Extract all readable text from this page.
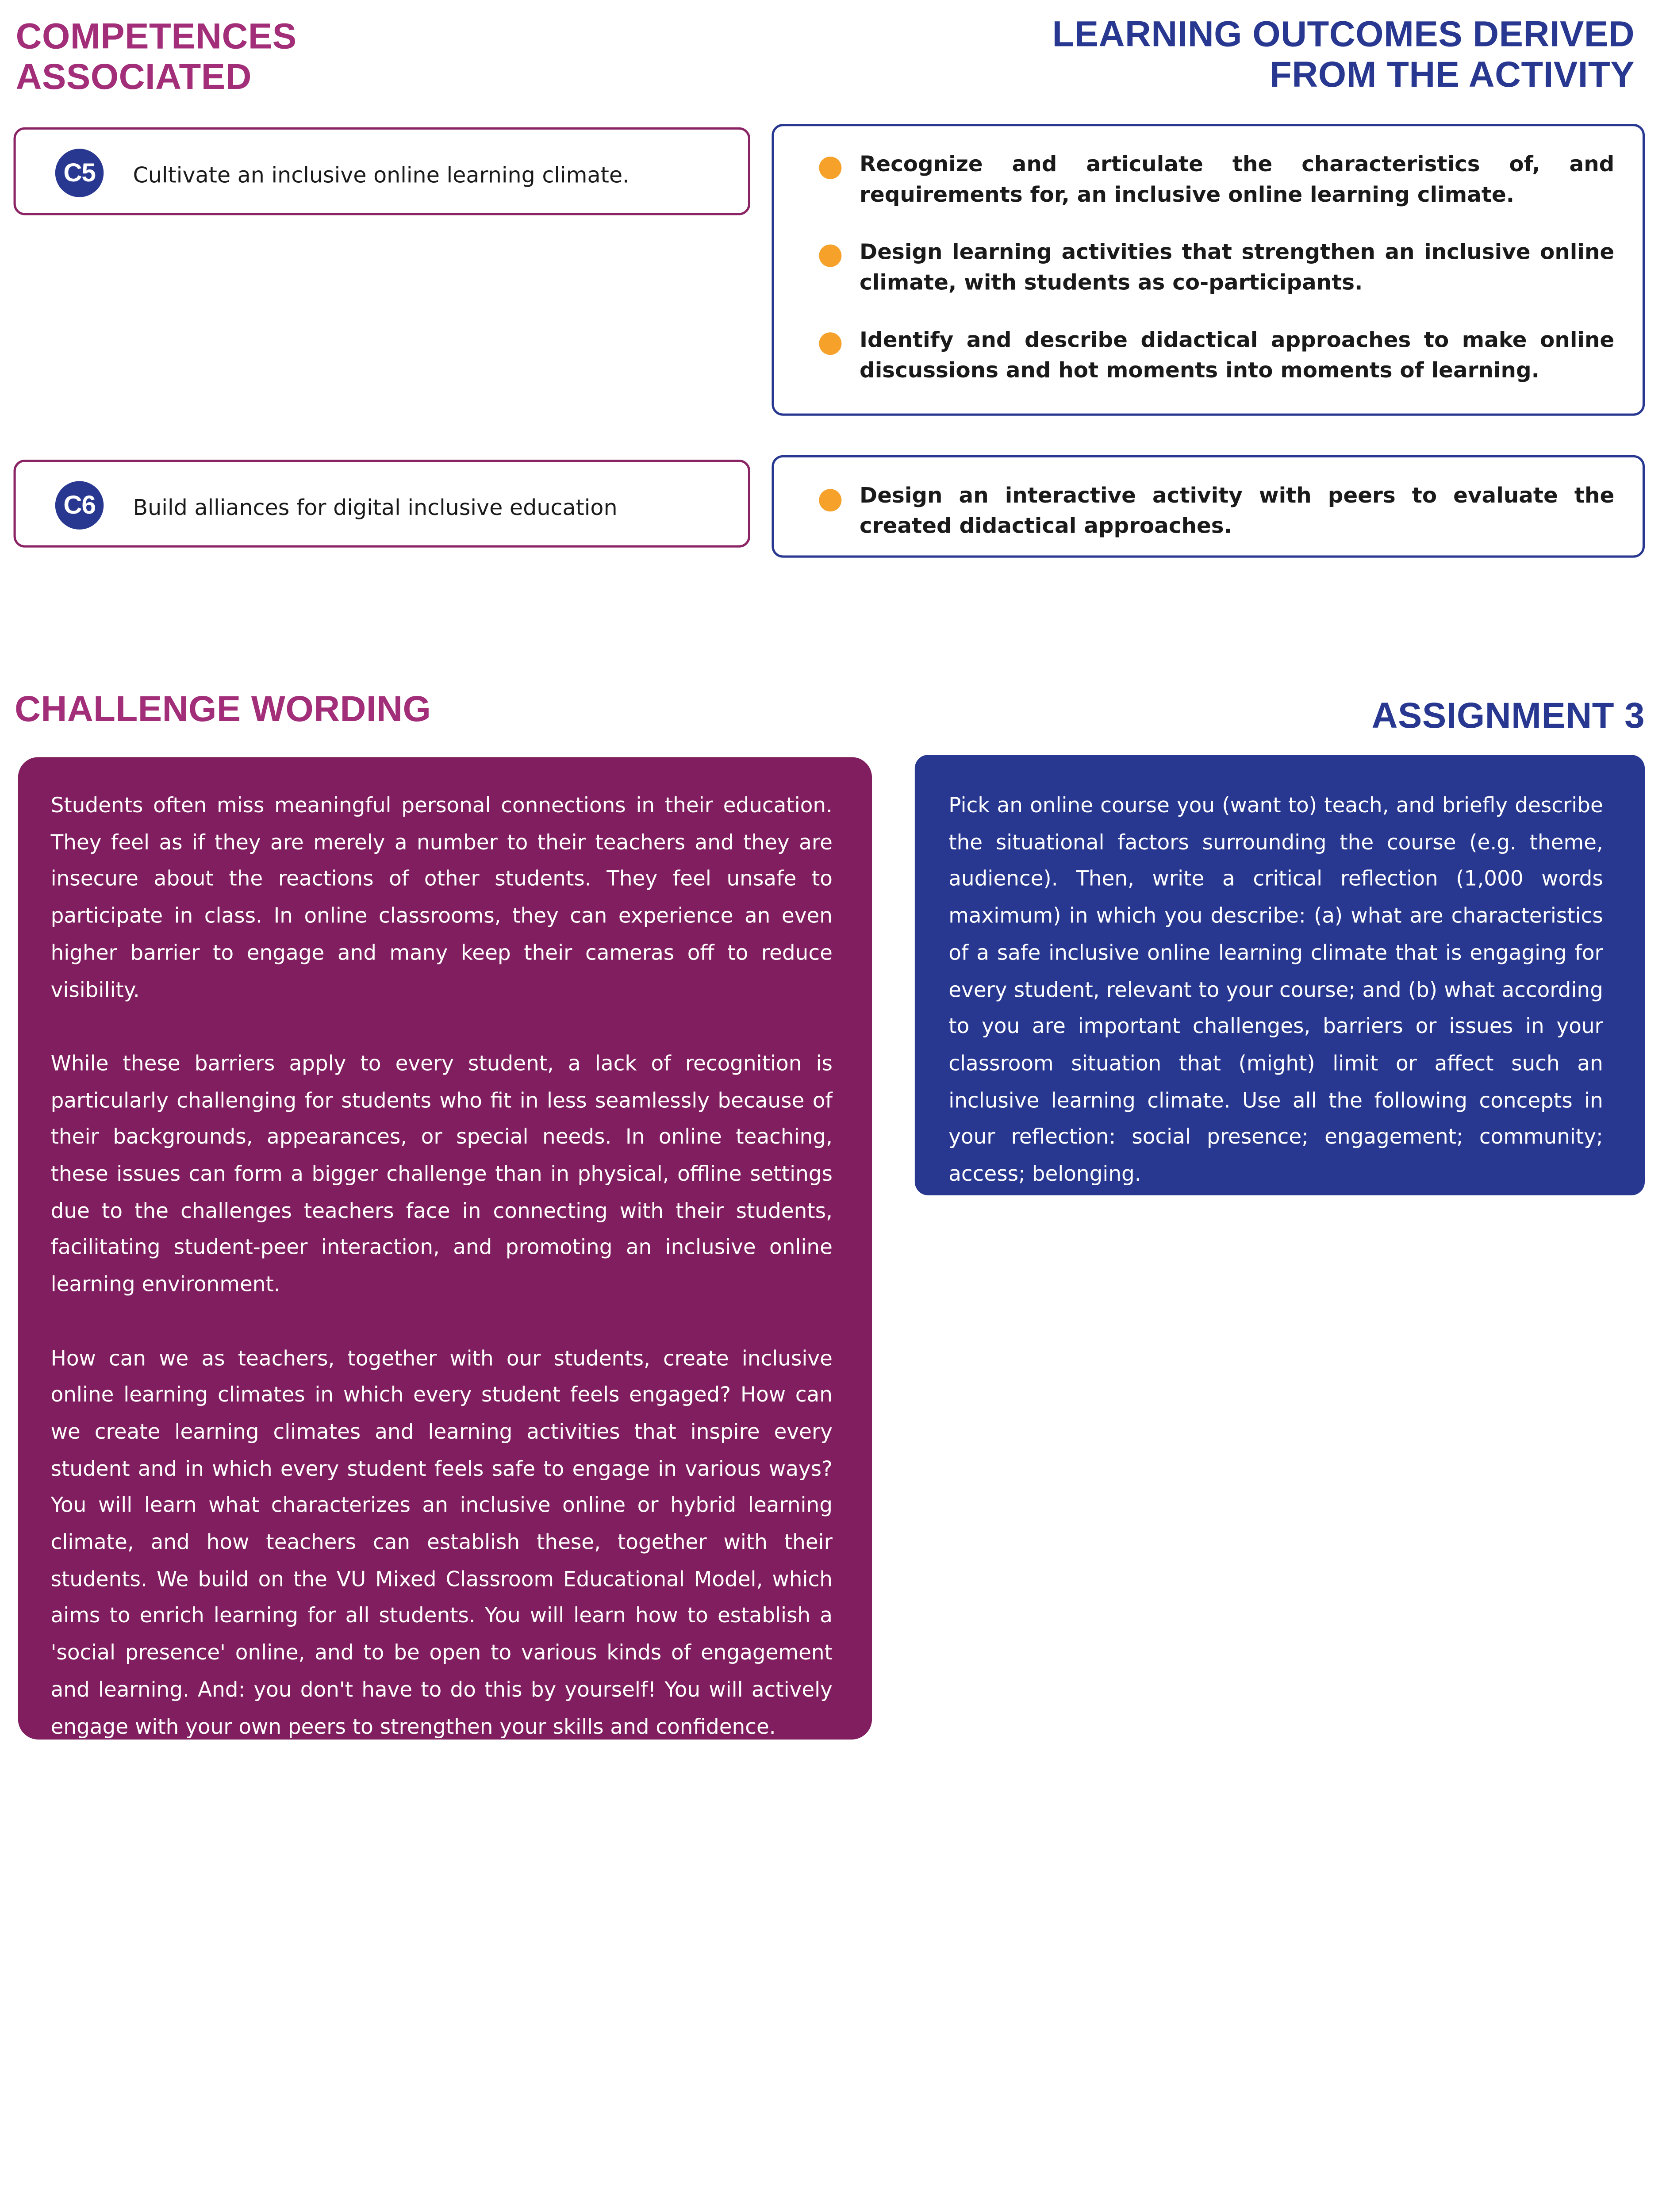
COMPETENCES
ASSOCIATED
LEARNING OUTCOMES DERIVED
FROM THE ACTIVITY
C5	Cultivate an inclusive online learning climate.	Recognize and articulate the characteristics of, and requirements for, an inclusive online learning climate.
Design learning activities that strengthen an inclusive online climate, with students as co-participants.
Identify and describe didactical approaches to make online discussions and hot moments into moments of learning.
C6	Build alliances for digital inclusive education	Design an interactive activity with peers to evaluate the created didactical approaches.
CHALLENGE WORDING	ASSIGNMENT 3

Students often miss meaningful personal connections in their education. They feel as if they are merely a number to their teachers and they are insecure about the reactions of other students. They feel unsafe to participate in class. In online classrooms, they can experience an even higher barrier to engage and many keep their cameras off to reduce visibility.

While these barriers apply to every student, a lack of recognition is particularly challenging for students who fit in less seamlessly because of their backgrounds, appearances, or special needs. In online teaching, these issues can form a bigger challenge than in physical, offline settings due to the challenges teachers face in connecting with their students, facilitating student-peer interaction, and promoting an inclusive online learning environment.

How can we as teachers, together with our students, create inclusive online learning climates in which every student feels engaged? How can we create learning climates and learning activities that inspire every student and in which every student feels safe to engage in various ways? You will learn what characterizes an inclusive online or hybrid learning climate, and how teachers can establish these, together with their students. We build on the VU Mixed Classroom Educational Model, which aims to enrich learning for all students. You will learn how to establish a 'social presence' online, and to be open to various kinds of engagement and learning. And: you don't have to do this by yourself! You will actively engage with your own peers to strengthen your skills and confidence.

Pick an online course you (want to) teach, and briefly describe the situational factors surrounding the course (e.g. theme, audience). Then, write a critical reflection (1,000 words maximum) in which you describe: (a) what are characteristics of a safe inclusive online learning climate that is engaging for every student, relevant to your course; and (b) what according to you are important challenges, barriers or issues in your classroom situation that (might) limit or affect such an inclusive learning climate. Use all the following concepts in your reflection: social presence; engagement; community; access; belonging.
